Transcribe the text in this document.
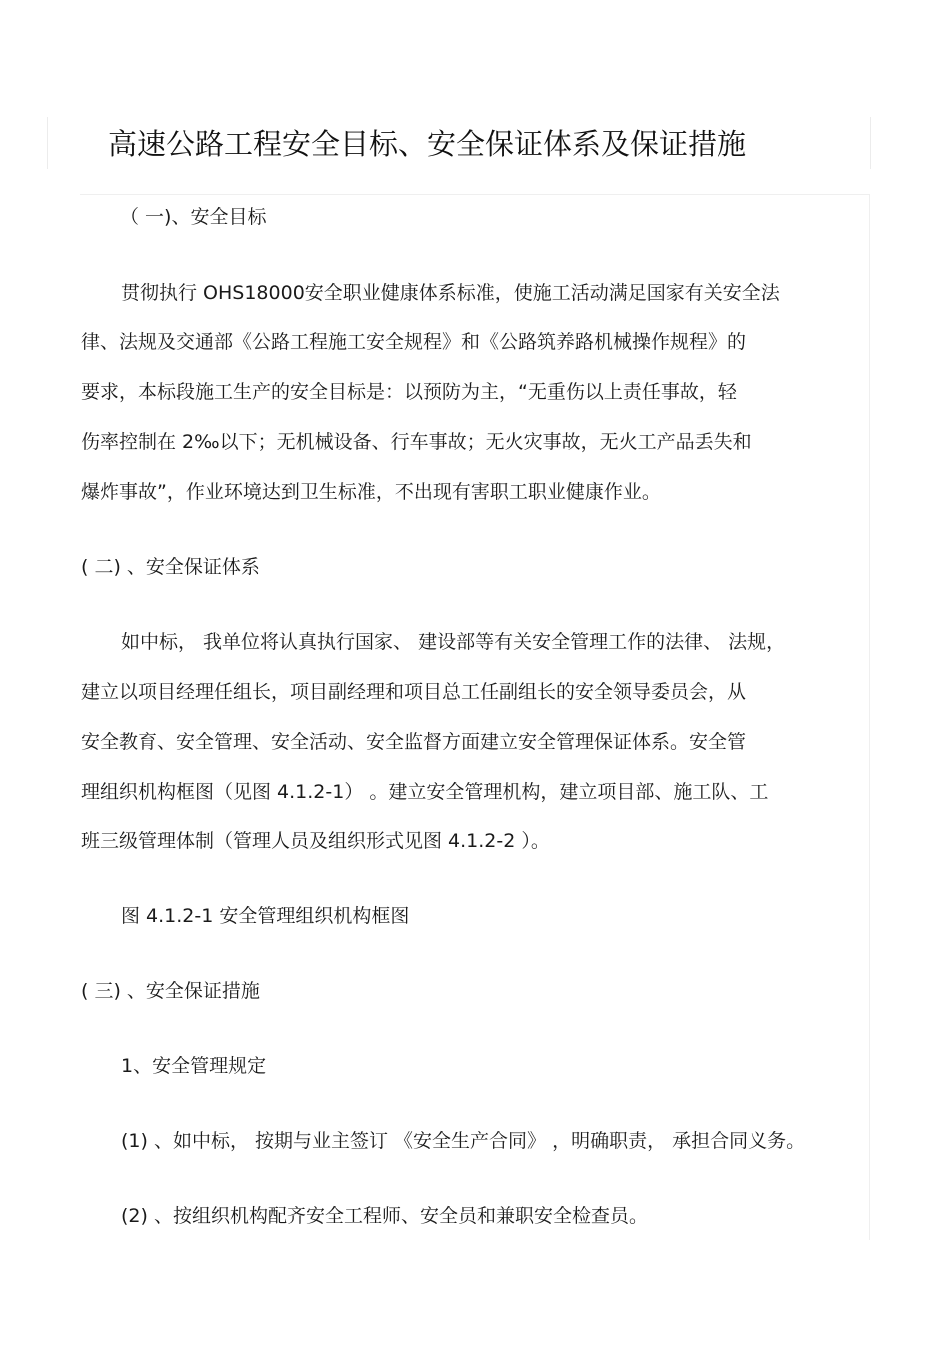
高速公路工程安全目标、安全保证体系及保证措施

（ 一)、安全目标

贯彻执行 OHS18000安全职业健康体系标准，使施工活动满足国家有关安全法

律、法规及交通部《公路工程施工安全规程》和《公路筑养路机械操作规程》的

要求，本标段施工生产的安全目标是：以预防为主，“无重伤以上责任事故，轻

伤率控制在 2‰以下；无机械设备、行车事故；无火灾事故，无火工产品丢失和

爆炸事故”，作业环境达到卫生标准，不出现有害职工职业健康作业。

( 二) 、安全保证体系

如中标， 我单位将认真执行国家、 建设部等有关安全管理工作的法律、 法规，

建立以项目经理任组长，项目副经理和项目总工任副组长的安全领导委员会，从

安全教育、安全管理、安全活动、安全监督方面建立安全管理保证体系。安全管

理组织机构框图（见图 4.1.2-1） 。建立安全管理机构，建立项目部、施工队、工

班三级管理体制（管理人员及组织形式见图 4.1.2-2 ）。

图 4.1.2-1 安全管理组织机构框图

( 三) 、安全保证措施

1、安全管理规定

(1) 、如中标， 按期与业主签订 《安全生产合同》 ，明确职责， 承担合同义务。

(2) 、按组织机构配齐安全工程师、安全员和兼职安全检查员。
